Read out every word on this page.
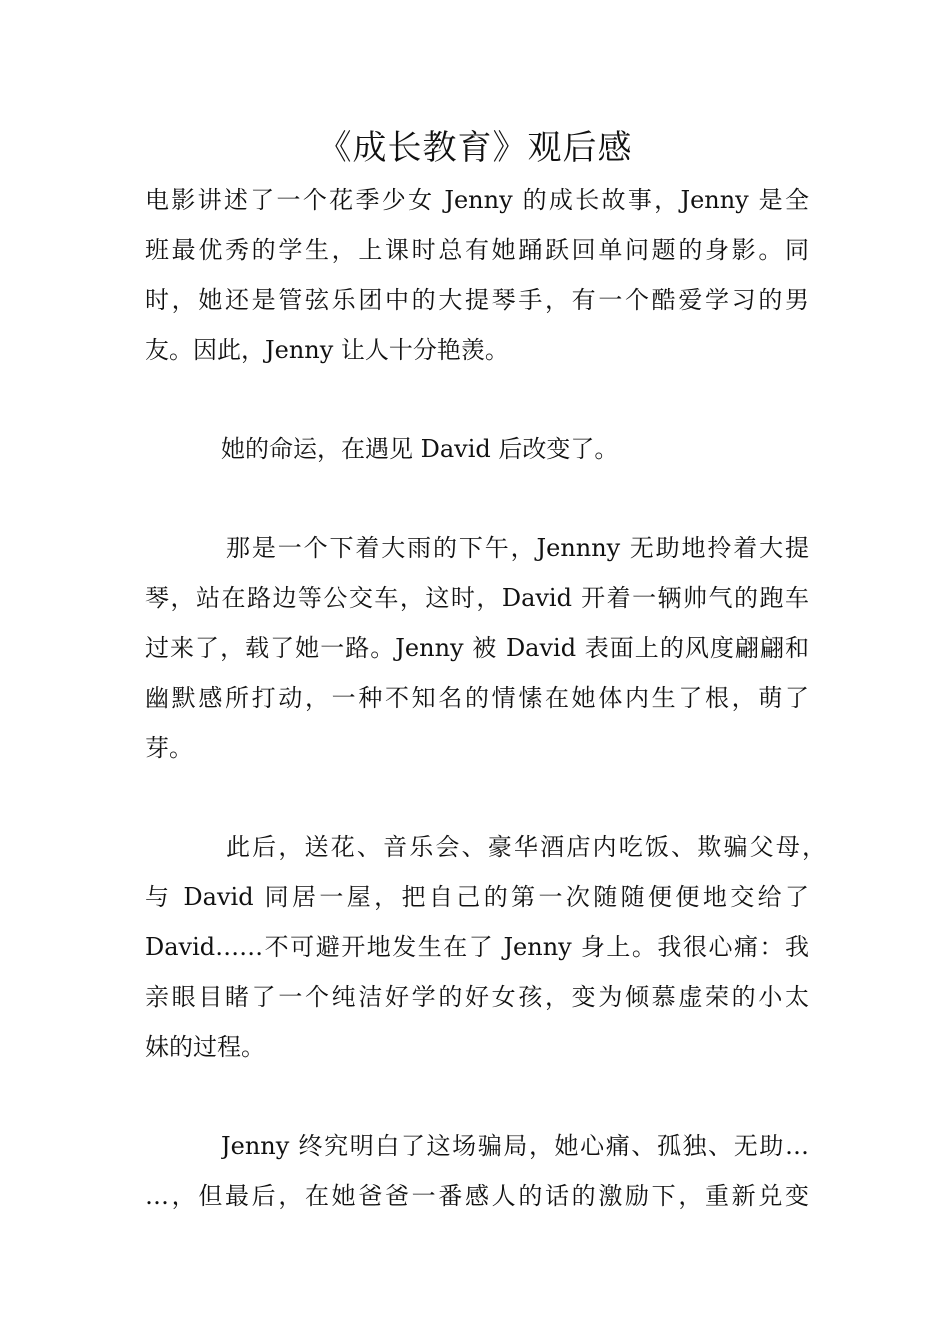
《成长教育》观后感

电影讲述了一个花季少女 Jenny 的成长故事，Jenny 是全

班最优秀的学生，上课时总有她踊跃回单问题的身影。同

时，她还是管弦乐团中的大提琴手，有一个酷爱学习的男

友。因此，Jenny 让人十分艳羡。

她的命运，在遇见 David 后改变了。

那是一个下着大雨的下午，Jennny 无助地拎着大提

琴，站在路边等公交车，这时，David 开着一辆帅气的跑车

过来了，载了她一路。Jenny 被 David 表面上的风度翩翩和

幽默感所打动，一种不知名的情愫在她体内生了根，萌了

芽。

此后，送花、音乐会、豪华酒店内吃饭、欺骗父母，

与 David 同居一屋，把自己的第一次随随便便地交给了

David……不可避开地发生在了 Jenny 身上。我很心痛：我

亲眼目睹了一个纯洁好学的好女孩，变为倾慕虚荣的小太

妹的过程。

Jenny 终究明白了这场骗局，她心痛、孤独、无助…

…，但最后，在她爸爸一番感人的话的激励下，重新兑变
